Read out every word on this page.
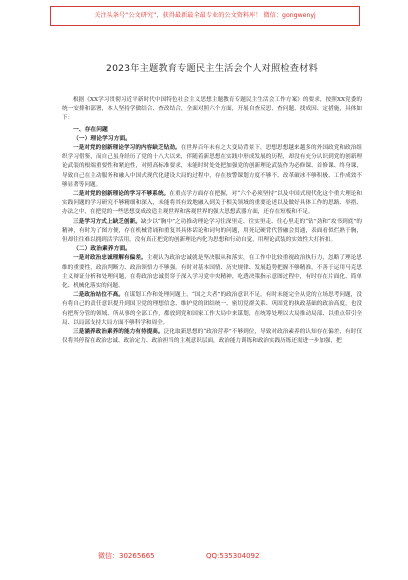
关注头条号“公文研究”，获得最新最全最专业的公文资料库！ 微信：gongwenyj
2023年主题教育专题民主生活会个人对照检查材料

根据《XX学习贯彻习近平新时代中国特色社会主义思想主题教育专题民主生活会工作方案》的要求，按照XX党委的统一安排和部署，本人坚持学做结合、查改结合，全面对照六个方面，开展自查反思、查问题、找成因、定措施，具体如下：

一、存在问题
（一）理论学习方面。

一是对党的创新理论学习的内容缺乏钻劲。在世界百年未有之大变局背景下，思想思想越来越多的外国政党和政治组织学习借鉴，而自己虽身经历了党的十八大以来，伴随着新思想在实践中形成发展的历程，却没有充分认识到党的创新理论武装的根端重要性和紧迫性，对照高标准要求，未能时时处处把加强党的创新理论武装作为必修课、首修课、终身课，导致自己在主动服务和融入中国式现代化建设大局的过程中，存在按警课划方度不够不、改革破冰不够积极、工作成效不够显著等问题。

二是对党的创新理论的学习不够系统。在重点学方面存在把握，对“六个必须坚持”以及中国式现代化这个重大理论和实践问题的学习研究不够精细和深入，未能将其有效地融入到关于相关领域的重要论述以及做好具体工作的思路、举措、办法之中，在把党的一些思想变成改造主观世界和客观世界的强大思想武器方面，还存在短板和不足。

三是学习方式上缺乏创新。缺少以“胸中”之功推动理论学习往深里走、往实里走、往心里走的“钻”劲和“攻书到底”的精神，有时为了图方便，存在机械背诵和重复其具体话论和词句的问题，用死记硬背代替融会贯通，表面看似烂熟于胸，但却往往难以拥到活学活用，没有真正把党的创新理论内化为思想和行动自觉，用理论武装的实效性大打折扣。

（二）政治素养方面。

一是对政治忠诚理解有偏差。主观认为政治忠诚就是坚决服从和落实，在工作中比较重视政治执行力，忽略了理论思维的重要性，政治判断力、政治领悟力不够强。有时对基本国情、历史规律、发展趋势把握不够精准，不善于运用马克思主义辩证分析和处理问题，在将政治忠诚贯穿于深入学习党中央精神，吃透决策指示意图过程中，有时存在片面化、简单化、机械化落实的问题。

二是政治站位不高。在谋划工作和处理问题上，“国之大者”的政治意识不足，有时未能完全从党的立场思考问题，没有将自己的责任意识提升到国卫党的理想信念、维护党的团结统一、密切党群关系、巩固党的执政基础的政治高度，也没有把所分管的领域、所从事的全部工作，都放到党和国家工作大局中来谋划，在统筹处理以大局推动局部、以重点带引全局、以局部支持大局方面不够科学和周全。

三是涵养政治素养的能力有待提高。泛化取新思想的“政治营养”不够到位，导致对政治素养的认知存在偏差，有时仅仅将其停留在政治忠诚、政治定力、政治担当的主观意识层面，政治能力训练和政治实践历练还需进一步加强，把

微信：30265665	QQ:535304092
